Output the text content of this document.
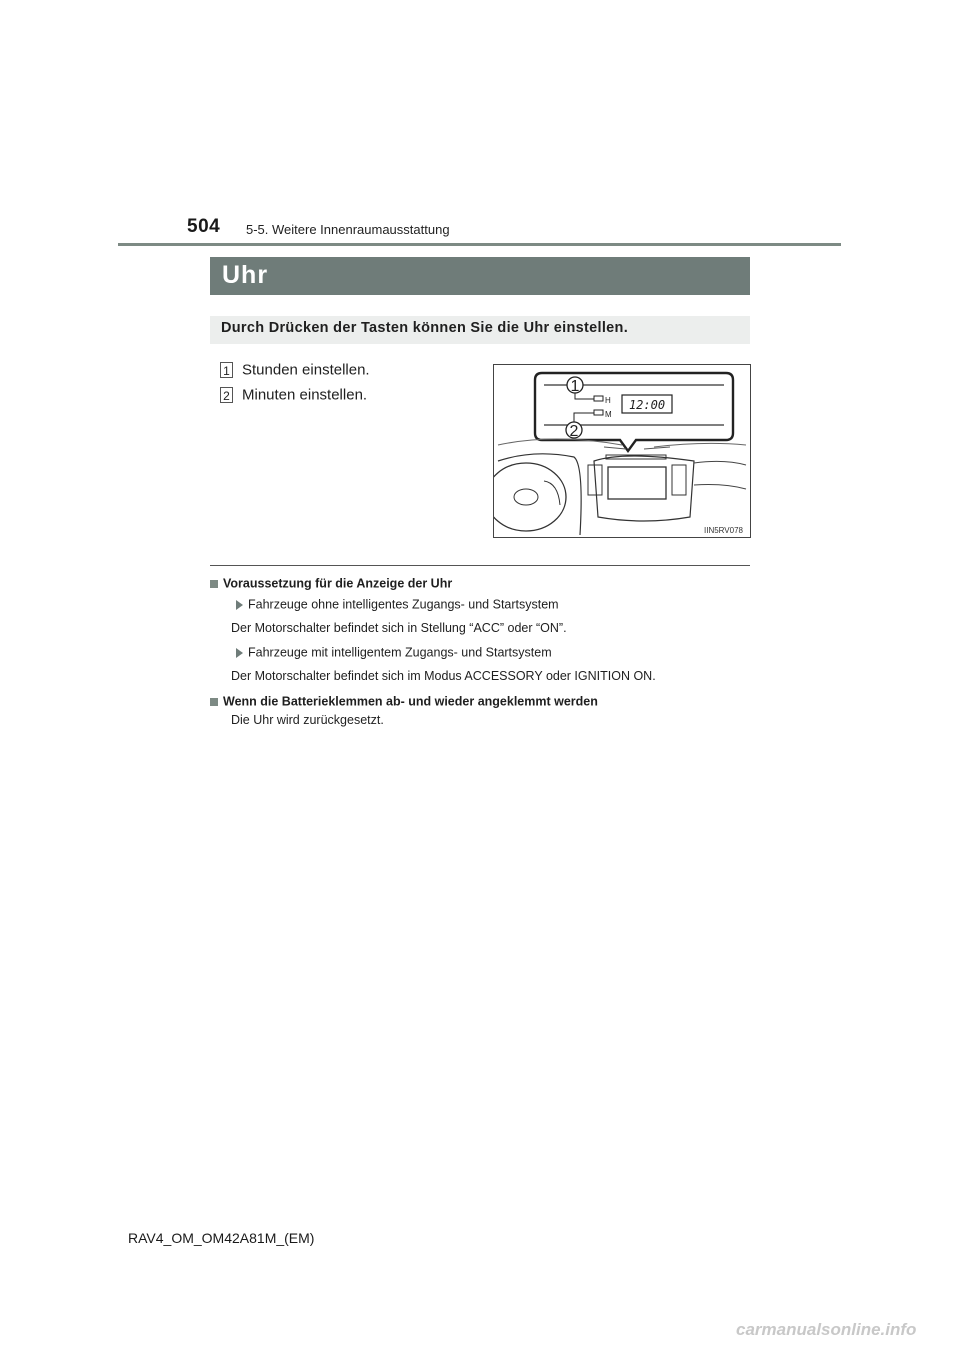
504 5-5. Weitere Innenraumausstattung
Uhr
Durch Drücken der Tasten können Sie die Uhr einstellen.
1 Stunden einstellen.
2 Minuten einstellen.
1
2
H
M
12:00
IIN5RV078
Voraussetzung für die Anzeige der Uhr
Fahrzeuge ohne intelligentes Zugangs- und Startsystem
Der Motorschalter befindet sich in Stellung “ACC” oder “ON”.
Fahrzeuge mit intelligentem Zugangs- und Startsystem
Der Motorschalter befindet sich im Modus ACCESSORY oder IGNITION ON.
Wenn die Batterieklemmen ab- und wieder angeklemmt werden
Die Uhr wird zurückgesetzt.
RAV4_OM_OM42A81M_(EM)
carmanualsonline.info
